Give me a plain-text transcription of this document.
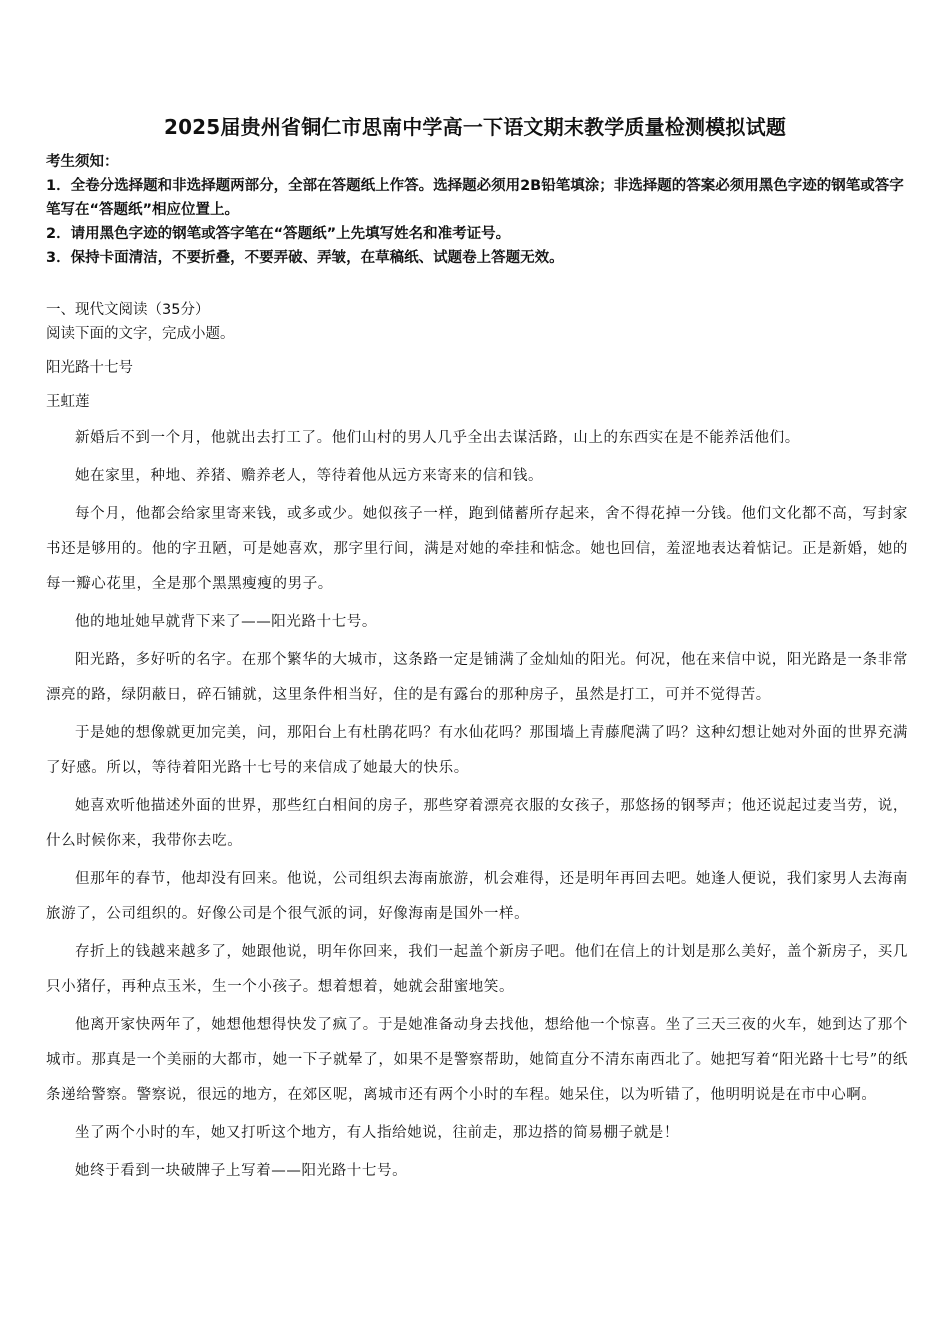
2025届贵州省铜仁市思南中学高一下语文期末教学质量检测模拟试题

考生须知：

1．全卷分选择题和非选择题两部分，全部在答题纸上作答。选择题必须用2B铅笔填涂；非选择题的答案必须用黑色字迹的钢笔或答字笔写在“答题纸”相应位置上。

2．请用黑色字迹的钢笔或答字笔在“答题纸”上先填写姓名和准考证号。

3．保持卡面清洁，不要折叠，不要弄破、弄皱，在草稿纸、试题卷上答题无效。

一、现代文阅读（35分）

阅读下面的文字，完成小题。

阳光路十七号

王虹莲

新婚后不到一个月，他就出去打工了。他们山村的男人几乎全出去谋活路，山上的东西实在是不能养活他们。

她在家里，种地、养猪、赡养老人，等待着他从远方来寄来的信和钱。

每个月，他都会给家里寄来钱，或多或少。她似孩子一样，跑到储蓄所存起来，舍不得花掉一分钱。他们文化都不高，写封家书还是够用的。他的字丑陋，可是她喜欢，那字里行间，满是对她的牵挂和惦念。她也回信，羞涩地表达着惦记。正是新婚，她的每一瓣心花里，全是那个黑黑瘦瘦的男子。

他的地址她早就背下来了——阳光路十七号。

阳光路，多好听的名字。在那个繁华的大城市，这条路一定是铺满了金灿灿的阳光。何况，他在来信中说，阳光路是一条非常漂亮的路，绿阴蔽日，碎石铺就，这里条件相当好，住的是有露台的那种房子，虽然是打工，可并不觉得苦。

于是她的想像就更加完美，问，那阳台上有杜鹃花吗？有水仙花吗？那围墙上青藤爬满了吗？这种幻想让她对外面的世界充满了好感。所以，等待着阳光路十七号的来信成了她最大的快乐。

她喜欢听他描述外面的世界，那些红白相间的房子，那些穿着漂亮衣服的女孩子，那悠扬的钢琴声；他还说起过麦当劳，说，什么时候你来，我带你去吃。

但那年的春节，他却没有回来。他说，公司组织去海南旅游，机会难得，还是明年再回去吧。她逢人便说，我们家男人去海南旅游了，公司组织的。好像公司是个很气派的词，好像海南是国外一样。

存折上的钱越来越多了，她跟他说，明年你回来，我们一起盖个新房子吧。他们在信上的计划是那么美好，盖个新房子，买几只小猪仔，再种点玉米，生一个小孩子。想着想着，她就会甜蜜地笑。

他离开家快两年了，她想他想得快发了疯了。于是她准备动身去找他，想给他一个惊喜。坐了三天三夜的火车，她到达了那个城市。那真是一个美丽的大都市，她一下子就晕了，如果不是警察帮助，她简直分不清东南西北了。她把写着“阳光路十七号”的纸条递给警察。警察说，很远的地方，在郊区呢，离城市还有两个小时的车程。她呆住，以为听错了，他明明说是在市中心啊。

坐了两个小时的车，她又打听这个地方，有人指给她说，往前走，那边搭的简易棚子就是！

她终于看到一块破牌子上写着——阳光路十七号。
